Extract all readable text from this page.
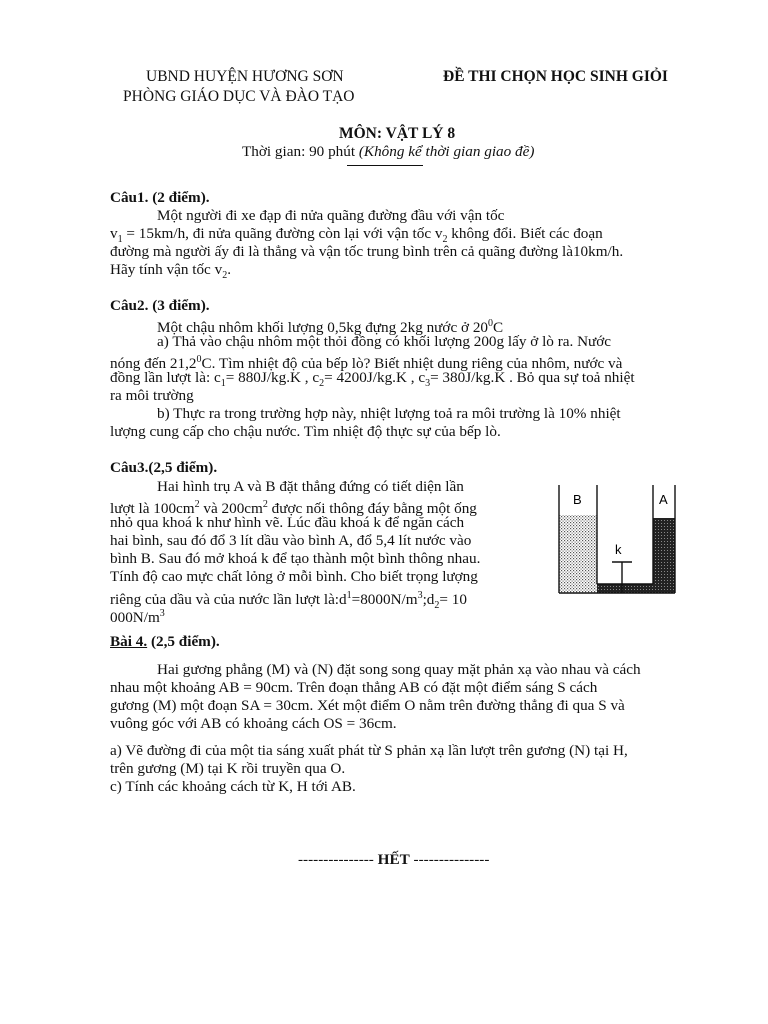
UBND HUYỆN HƯƠNG SƠN
PHÒNG GIÁO DỤC VÀ ĐÀO TẠO
ĐỀ THI CHỌN HỌC SINH GIỎI
MÔN: VẬT LÝ 8
Thời gian: 90 phút (Không kể thời gian giao đề)
Câu1. (2 điểm).
Một người đi xe đạp đi nửa quãng đường đầu với vận tốc
$v_1 = 15km/h$, đi nửa quãng đường còn lại với vận tốc $v_2$ không đổi. Biết các đoạn
đường mà người ấy đi là thẳng và vận tốc trung bình trên cả quãng đường là10km/h.
Hãy tính vận tốc $v_2$.
Câu2. (3 điểm).
Một chậu nhôm khối lượng 0,5kg đựng 2kg nước ở $20^0C$
a) Thả vào chậu nhôm một thỏi đồng có khối lượng 200g lấy ở lò ra. Nước
nóng đến 21,2$^0$C. Tìm nhiệt độ của bếp lò? Biết nhiệt dung riêng của nhôm, nước và
đồng lần lượt là: $c_1= 880J/kg.K$ , $c_2= 4200J/kg.K$ , $c_3= 380J/kg.K$ . Bỏ qua sự toả nhiệt
ra môi trường
b) Thực ra trong trường hợp này, nhiệt lượng toả ra môi trường là 10% nhiệt
lượng cung cấp cho chậu nước. Tìm nhiệt độ thực sự của bếp lò.
Câu3.(2,5 điểm).
Hai hình trụ A và B đặt thẳng đứng có tiết diện lần
lượt là $100cm^2$ và $200cm^2$ được nối thông đáy bằng một ống
nhỏ qua khoá k như hình vẽ. Lúc đầu khoá k để ngăn cách
hai bình, sau đó đổ 3 lít dầu vào bình A, đổ 5,4 lít nước vào
bình B. Sau đó mở khoá k để tạo thành một bình thông nhau.
Tính độ cao mực chất lỏng ở mỗi bình. Cho biết trọng lượng
riêng của dầu và của nước lần lượt $là:d^1=8000N/m^3;d_2= 10$
$000N/m^3$
B	A
k
Bài 4. (2,5 điểm).
Hai gương phẳng (M) và (N) đặt song song quay mặt phản xạ vào nhau và cách
nhau một khoảng AB = 90cm. Trên đoạn thẳng AB có đặt một điểm sáng S cách
gương (M) một đoạn SA = 30cm. Xét một điểm O nằm trên đường thẳng đi qua S và
vuông góc với AB có khoảng cách OS = 36cm.
a) Vẽ đường đi của một tia sáng xuất phát từ S phản xạ lần lượt trên gương (N) tại H,
trên gương (M) tại K rồi truyền qua O.
c) Tính các khoảng cách từ K, H tới AB.
--------------- HẾT ---------------
